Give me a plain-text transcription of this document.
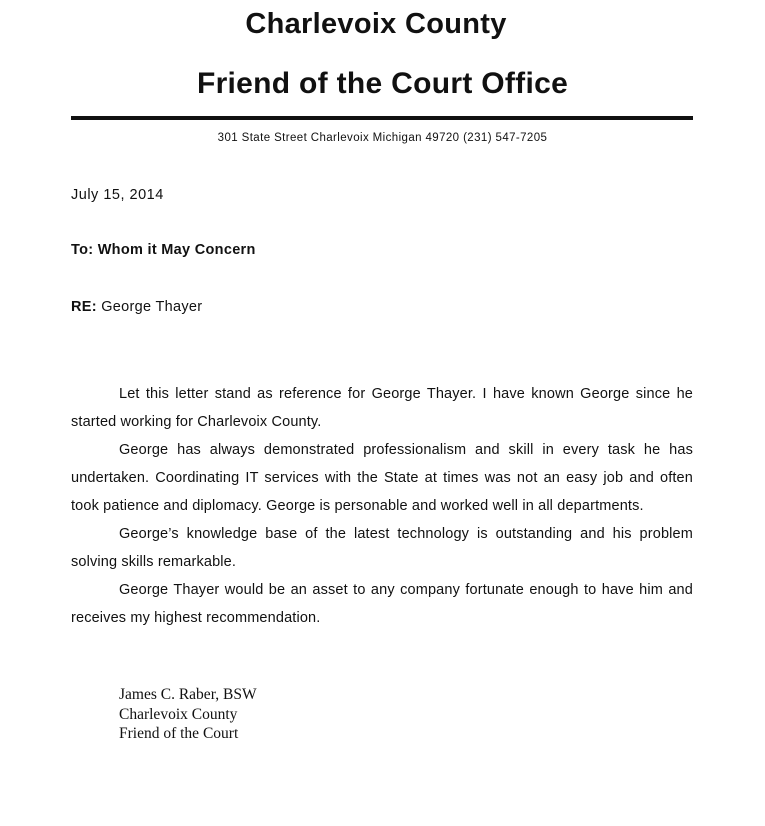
Charlevoix County
Friend of the Court Office
301 State Street Charlevoix Michigan 49720 (231) 547-7205
July 15, 2014
To: Whom it May Concern
RE: George Thayer

Let this letter stand as reference for George Thayer. I have known George since he started working for Charlevoix County.

George has always demonstrated professionalism and skill in every task he has undertaken. Coordinating IT services with the State at times was not an easy job and often took patience and diplomacy. George is personable and worked well in all departments.

George’s knowledge base of the latest technology is outstanding and his problem solving skills remarkable.

George Thayer would be an asset to any company fortunate enough to have him and receives my highest recommendation.

James C. Raber, BSW
Charlevoix County
Friend of the Court
